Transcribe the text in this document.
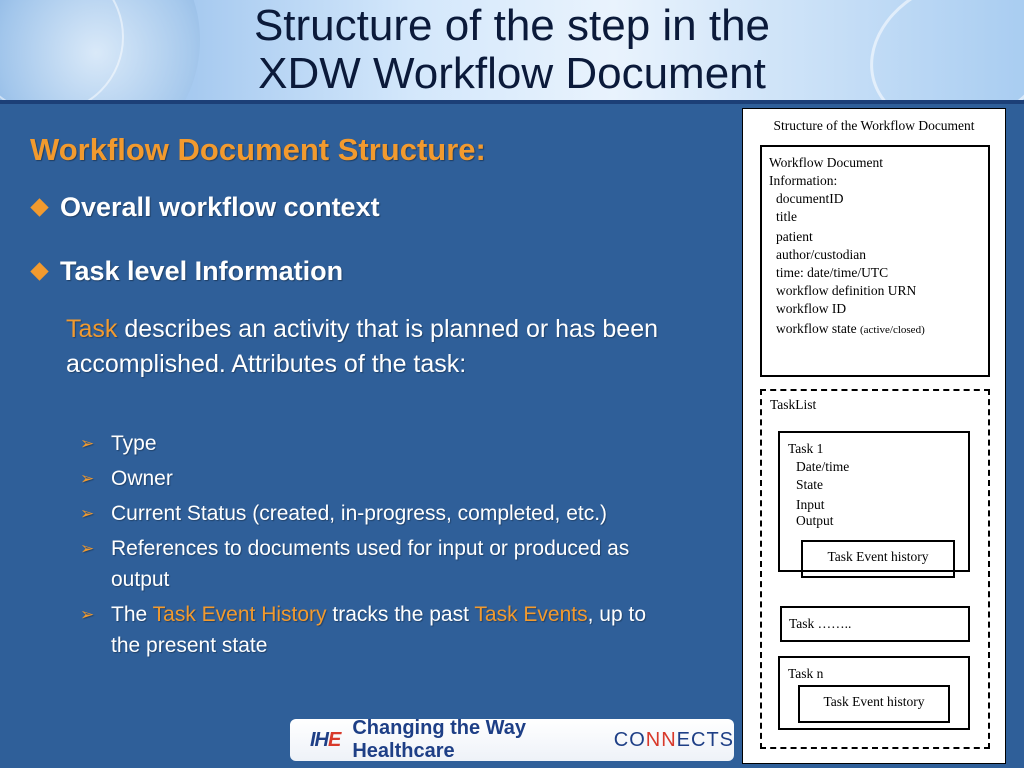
Structure of the step in the
XDW Workflow Document
Workflow Document Structure:
Overall workflow context
Task level Information
Task describes an activity that is planned or has been accomplished. Attributes of the task:
➢ Type
➢ Owner
➢ Current Status (created, in-progress, completed, etc.)
➢ References to documents used for input or produced as output
➢ The Task Event History tracks the past Task Events, up to the present state
IHE
Changing the Way Healthcare
CONNECTS
Structure of the Workflow Document
Workflow Document
Information:
documentID
title
patient
author/custodian
time: date/time/UTC
workflow definition URN
workflow ID
workflow state (active/closed)
TaskList
Task 1
Date/time
State
Input
Output
Task Event history
Task ……..
Task n
Task Event history
